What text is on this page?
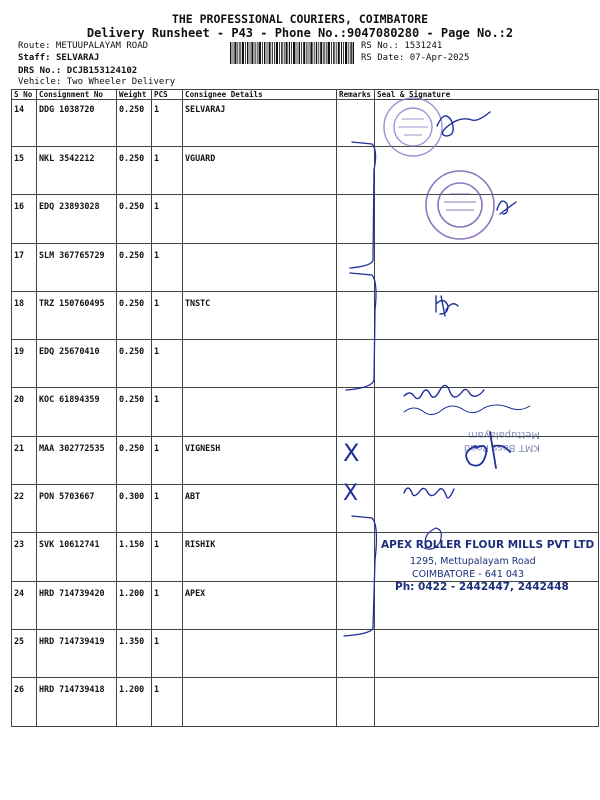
THE PROFESSIONAL COURIERS, COIMBATORE
Delivery Runsheet - P43 - Phone No.:9047080280 - Page No.:2
Route: METUUPALAYAM ROAD
Staff: SELVARAJ
DRS No.: DCJB153124102
Vehicle: Two Wheeler Delivery
RS No.: 1531241
RS Date: 07-Apr-2025
S No	Consignment No	Weight	PCS	Consignee Details	Remarks	Seal & Signature
14	DDG 1038720	0.250	1	SELVARAJ		
15	NKL 3542212	0.250	1	VGUARD		
16	EDQ 23893028	0.250	1			
17	SLM 367765729	0.250	1			
18	TRZ 150760495	0.250	1	TNSTC		
19	EDQ 25670410	0.250	1			
20	KOC 61894359	0.250	1			
21	MAA 302772535	0.250	1	VIGNESH		
22	PON 5703667	0.300	1	ABT		
23	SVK 10612741	1.150	1	RISHIK		
24	HRD 714739420	1.200	1	APEX		
25	HRD 714739419	1.350	1			
26	HRD 714739418	1.200	1			
X
X
KMT Bass Road
Mettupalayam
APEX ROLLER FLOUR MILLS PVT LTD
1295, Mettupalayam Road
COIMBATORE - 641 043
Ph: 0422 - 2442447, 2442448
